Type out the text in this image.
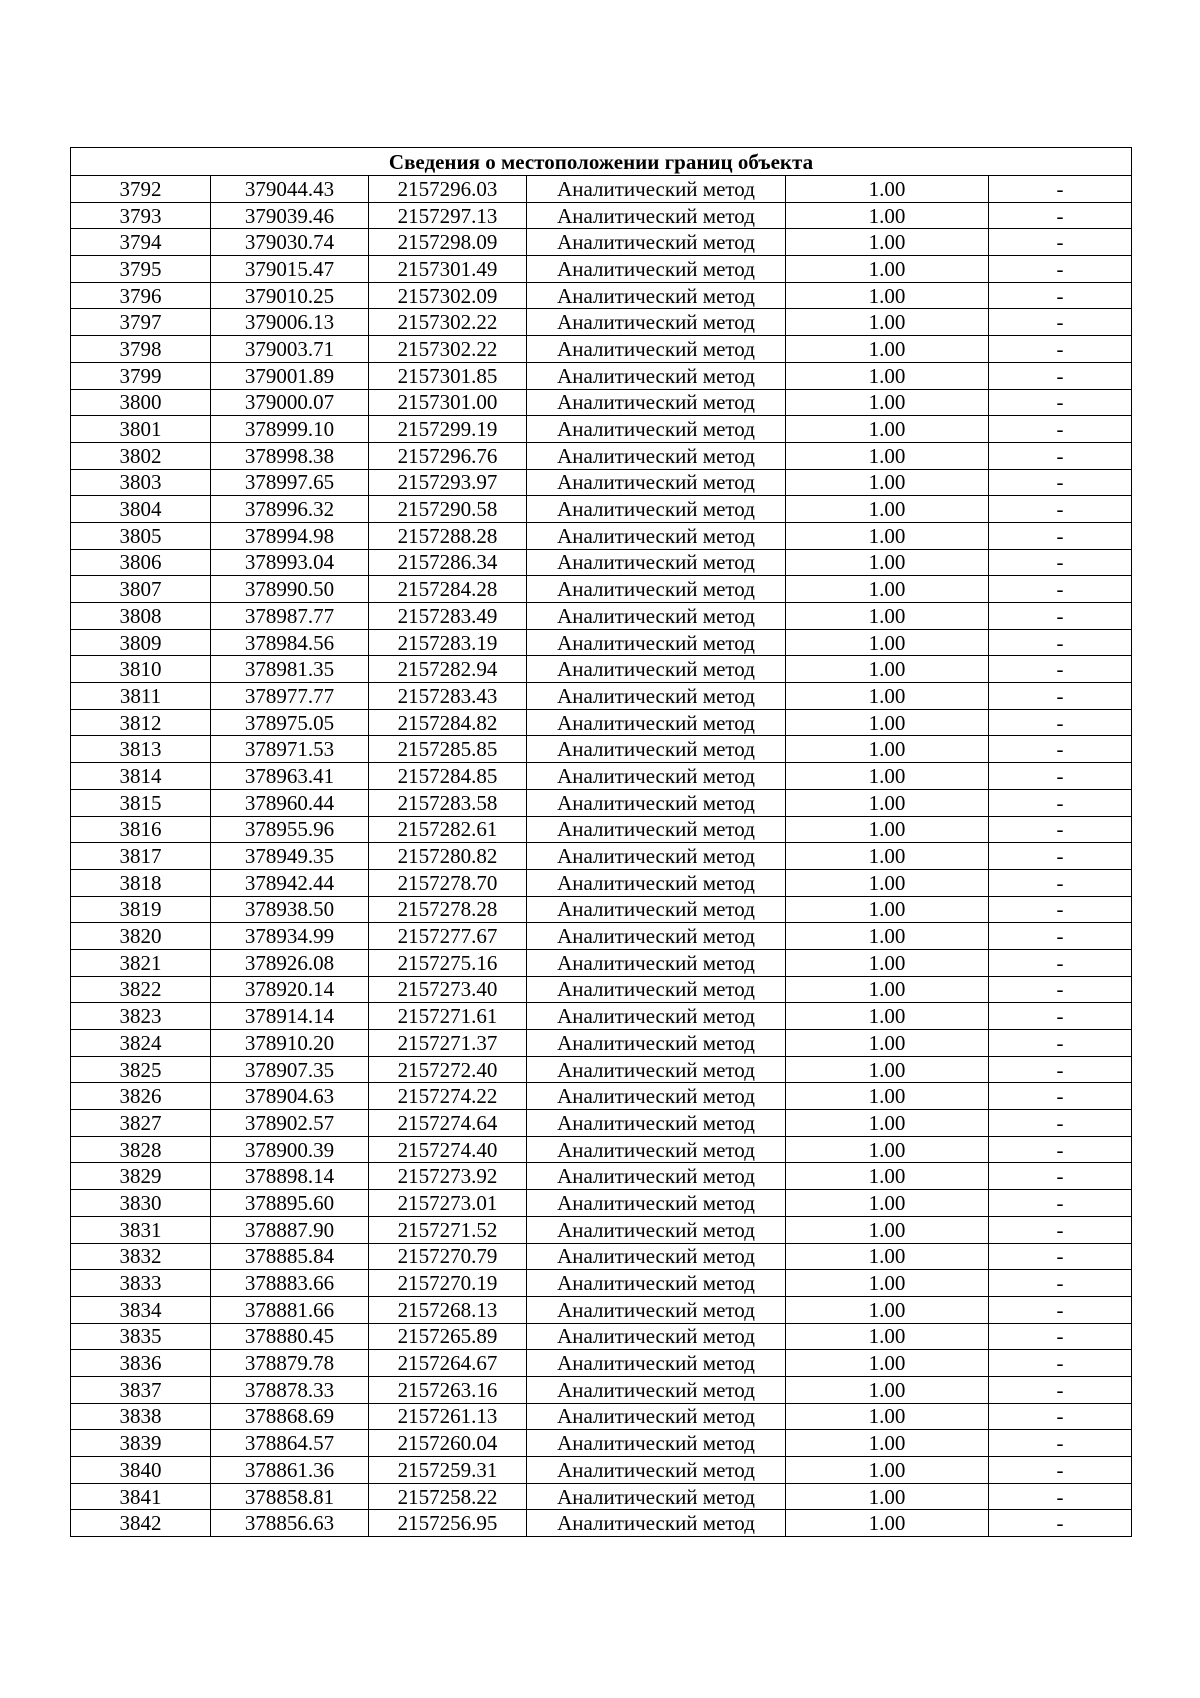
Сведения о местоположении границ объекта					
3792	379044.43	2157296.03	Аналитический метод	1.00	-
3793	379039.46	2157297.13	Аналитический метод	1.00	-
3794	379030.74	2157298.09	Аналитический метод	1.00	-
3795	379015.47	2157301.49	Аналитический метод	1.00	-
3796	379010.25	2157302.09	Аналитический метод	1.00	-
3797	379006.13	2157302.22	Аналитический метод	1.00	-
3798	379003.71	2157302.22	Аналитический метод	1.00	-
3799	379001.89	2157301.85	Аналитический метод	1.00	-
3800	379000.07	2157301.00	Аналитический метод	1.00	-
3801	378999.10	2157299.19	Аналитический метод	1.00	-
3802	378998.38	2157296.76	Аналитический метод	1.00	-
3803	378997.65	2157293.97	Аналитический метод	1.00	-
3804	378996.32	2157290.58	Аналитический метод	1.00	-
3805	378994.98	2157288.28	Аналитический метод	1.00	-
3806	378993.04	2157286.34	Аналитический метод	1.00	-
3807	378990.50	2157284.28	Аналитический метод	1.00	-
3808	378987.77	2157283.49	Аналитический метод	1.00	-
3809	378984.56	2157283.19	Аналитический метод	1.00	-
3810	378981.35	2157282.94	Аналитический метод	1.00	-
3811	378977.77	2157283.43	Аналитический метод	1.00	-
3812	378975.05	2157284.82	Аналитический метод	1.00	-
3813	378971.53	2157285.85	Аналитический метод	1.00	-
3814	378963.41	2157284.85	Аналитический метод	1.00	-
3815	378960.44	2157283.58	Аналитический метод	1.00	-
3816	378955.96	2157282.61	Аналитический метод	1.00	-
3817	378949.35	2157280.82	Аналитический метод	1.00	-
3818	378942.44	2157278.70	Аналитический метод	1.00	-
3819	378938.50	2157278.28	Аналитический метод	1.00	-
3820	378934.99	2157277.67	Аналитический метод	1.00	-
3821	378926.08	2157275.16	Аналитический метод	1.00	-
3822	378920.14	2157273.40	Аналитический метод	1.00	-
3823	378914.14	2157271.61	Аналитический метод	1.00	-
3824	378910.20	2157271.37	Аналитический метод	1.00	-
3825	378907.35	2157272.40	Аналитический метод	1.00	-
3826	378904.63	2157274.22	Аналитический метод	1.00	-
3827	378902.57	2157274.64	Аналитический метод	1.00	-
3828	378900.39	2157274.40	Аналитический метод	1.00	-
3829	378898.14	2157273.92	Аналитический метод	1.00	-
3830	378895.60	2157273.01	Аналитический метод	1.00	-
3831	378887.90	2157271.52	Аналитический метод	1.00	-
3832	378885.84	2157270.79	Аналитический метод	1.00	-
3833	378883.66	2157270.19	Аналитический метод	1.00	-
3834	378881.66	2157268.13	Аналитический метод	1.00	-
3835	378880.45	2157265.89	Аналитический метод	1.00	-
3836	378879.78	2157264.67	Аналитический метод	1.00	-
3837	378878.33	2157263.16	Аналитический метод	1.00	-
3838	378868.69	2157261.13	Аналитический метод	1.00	-
3839	378864.57	2157260.04	Аналитический метод	1.00	-
3840	378861.36	2157259.31	Аналитический метод	1.00	-
3841	378858.81	2157258.22	Аналитический метод	1.00	-
3842	378856.63	2157256.95	Аналитический метод	1.00	-
